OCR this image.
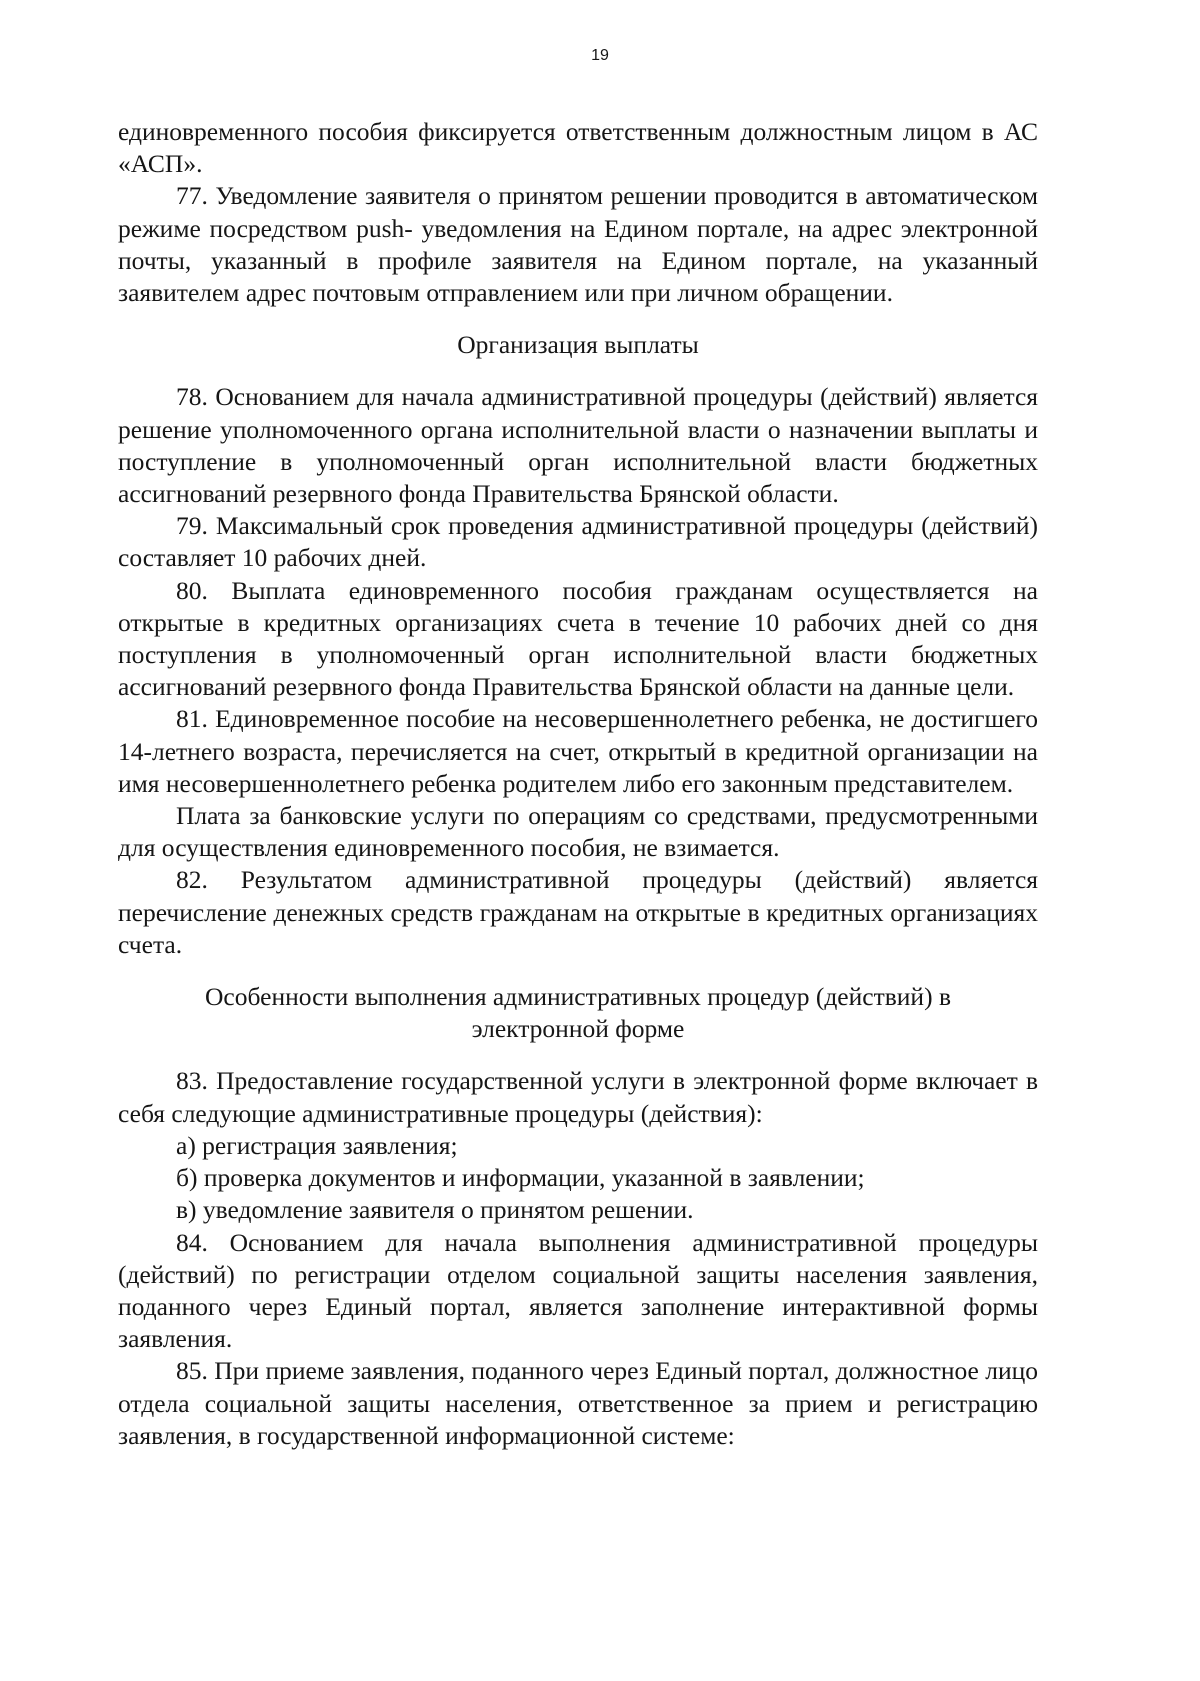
19

единовременного пособия фиксируется ответственным должностным лицом в АС «АСП».

77. Уведомление заявителя о принятом решении проводится в автоматическом режиме посредством push- уведомления на Едином портале, на адрес электронной почты, указанный в профиле заявителя на Едином портале, на указанный заявителем адрес почтовым отправлением или при личном обращении.

Организация выплаты

78. Основанием для начала административной процедуры (действий) является решение уполномоченного органа исполнительной власти о назначении выплаты и поступление в уполномоченный орган исполнительной власти бюджетных ассигнований резервного фонда Правительства Брянской области.

79. Максимальный срок проведения административной процедуры (действий) составляет 10 рабочих дней.

80. Выплата единовременного пособия гражданам осуществляется на открытые в кредитных организациях счета в течение 10 рабочих дней со дня поступления в уполномоченный орган исполнительной власти бюджетных ассигнований резервного фонда Правительства Брянской области на данные цели.

81. Единовременное пособие на несовершеннолетнего ребенка, не достигшего 14-летнего возраста, перечисляется на счет, открытый в кредитной организации на имя несовершеннолетнего ребенка родителем либо его законным представителем.

Плата за банковские услуги по операциям со средствами, предусмотренными для осуществления единовременного пособия, не взимается.

82. Результатом административной процедуры (действий) является перечисление денежных средств гражданам на открытые в кредитных организациях счета.

Особенности выполнения административных процедур (действий) в

электронной форме

83. Предоставление государственной услуги в электронной форме включает в себя следующие административные процедуры (действия):

а) регистрация заявления;

б) проверка документов и информации, указанной в заявлении;

в) уведомление заявителя о принятом решении.

84. Основанием для начала выполнения административной процедуры (действий) по регистрации отделом социальной защиты населения заявления, поданного через Единый портал, является заполнение интерактивной формы заявления.

85. При приеме заявления, поданного через Единый портал, должностное лицо отдела социальной защиты населения, ответственное за прием и регистрацию заявления, в государственной информационной системе:
